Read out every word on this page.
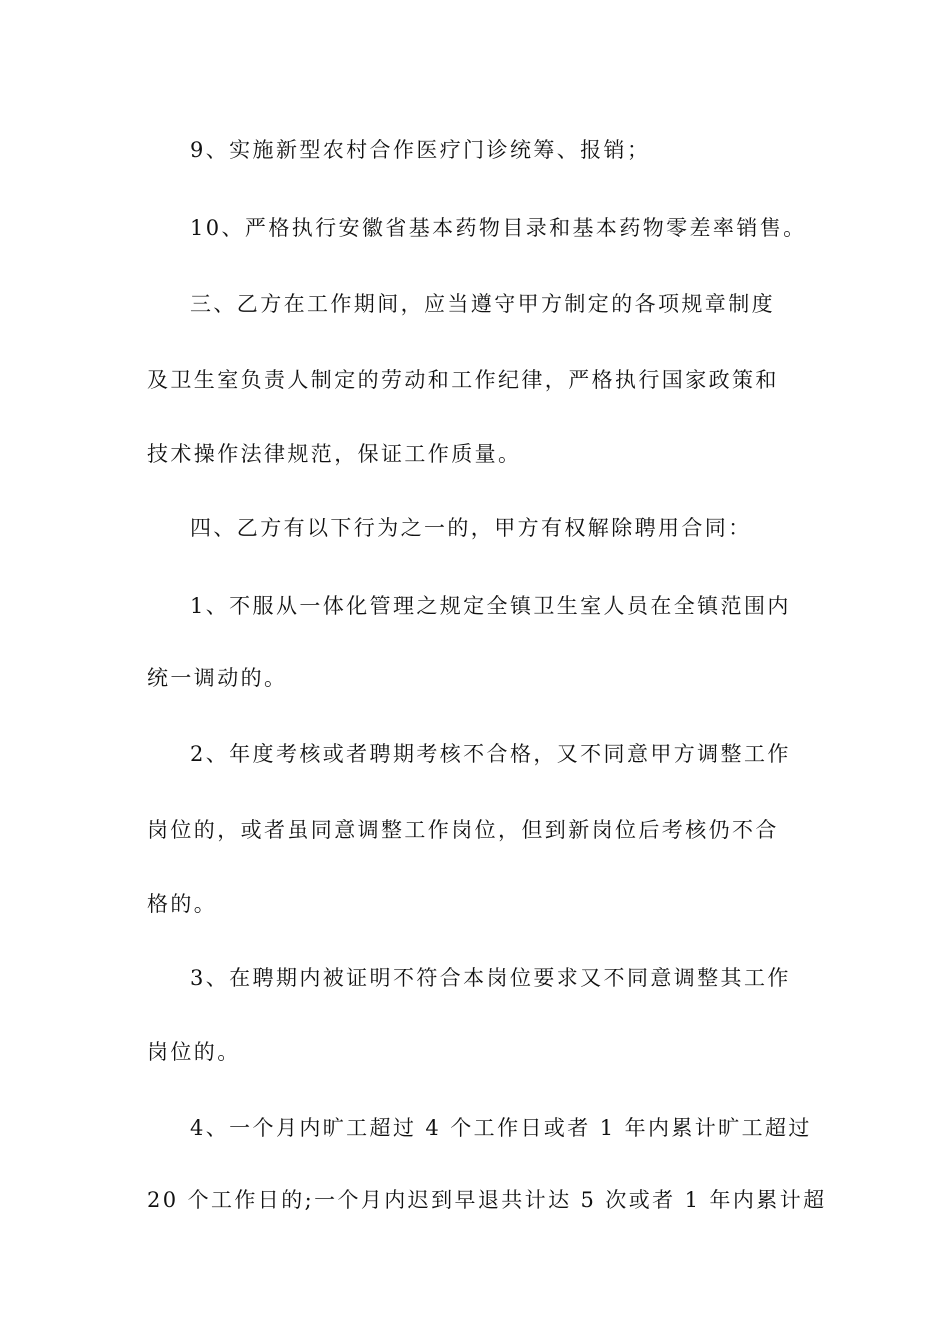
9、实施新型农村合作医疗门诊统筹、报销；
10、严格执行安徽省基本药物目录和基本药物零差率销售。
三、乙方在工作期间，应当遵守甲方制定的各项规章制度
及卫生室负责人制定的劳动和工作纪律，严格执行国家政策和
技术操作法律规范，保证工作质量。
四、乙方有以下行为之一的，甲方有权解除聘用合同：
1、不服从一体化管理之规定全镇卫生室人员在全镇范围内
统一调动的。
2、年度考核或者聘期考核不合格，又不同意甲方调整工作
岗位的，或者虽同意调整工作岗位，但到新岗位后考核仍不合
格的。
3、在聘期内被证明不符合本岗位要求又不同意调整其工作
岗位的。
4、一个月内旷工超过 4 个工作日或者 1 年内累计旷工超过
20 个工作日的;一个月内迟到早退共计达 5 次或者 1 年内累计超
